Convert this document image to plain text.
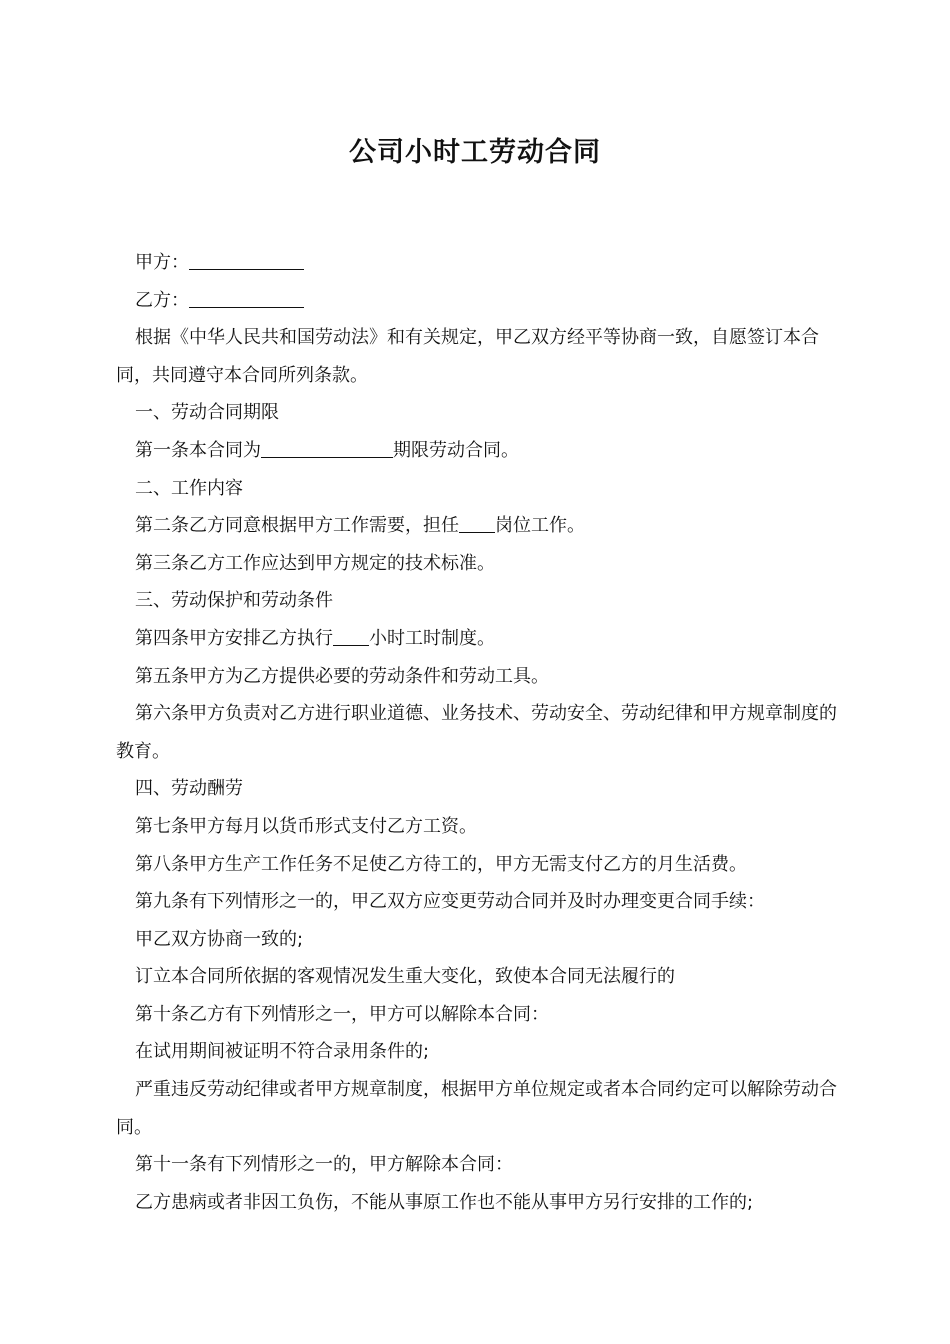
公司小时工劳动合同

甲方：

乙方：

根据《中华人民共和国劳动法》和有关规定，甲乙双方经平等协商一致，自愿签订本合同，共同遵守本合同所列条款。

一、劳动合同期限

第一条本合同为	期限劳动合同。

二、工作内容

第二条乙方同意根据甲方工作需要，担任 岗位工作。

第三条乙方工作应达到甲方规定的技术标准。

三、劳动保护和劳动条件

第四条甲方安排乙方执行 小时工时制度。

第五条甲方为乙方提供必要的劳动条件和劳动工具。

第六条甲方负责对乙方进行职业道德、业务技术、劳动安全、劳动纪律和甲方规章制度的教育。

四、劳动酬劳

第七条甲方每月以货币形式支付乙方工资。

第八条甲方生产工作任务不足使乙方待工的，甲方无需支付乙方的月生活费。

第九条有下列情形之一的，甲乙双方应变更劳动合同并及时办理变更合同手续：

甲乙双方协商一致的;

订立本合同所依据的客观情况发生重大变化，致使本合同无法履行的

第十条乙方有下列情形之一，甲方可以解除本合同：

在试用期间被证明不符合录用条件的;

严重违反劳动纪律或者甲方规章制度，根据甲方单位规定或者本合同约定可以解除劳动合同。

第十一条有下列情形之一的，甲方解除本合同：

乙方患病或者非因工负伤，不能从事原工作也不能从事甲方另行安排的工作的;
